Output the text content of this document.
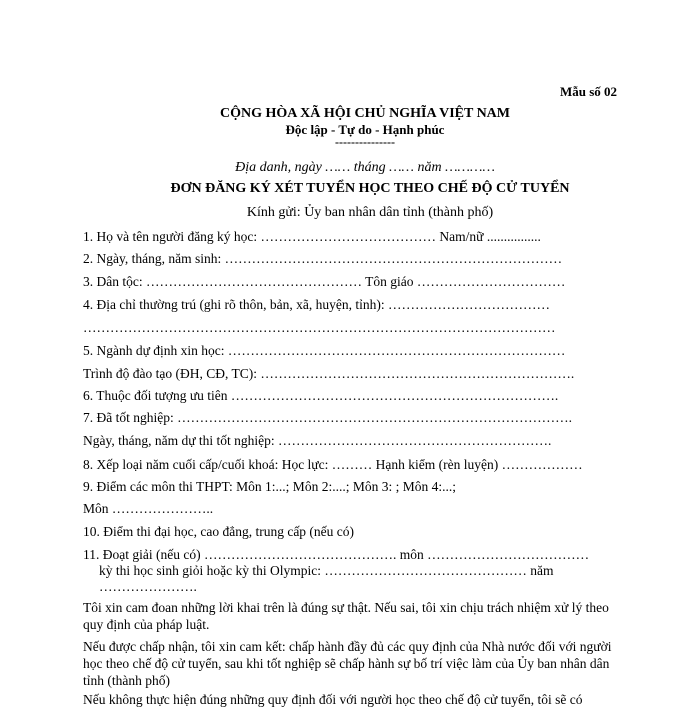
Mẫu số 02
CỘNG HÒA XÃ HỘI CHỦ NGHĨA VIỆT NAM
Độc lập - Tự do - Hạnh phúc
---------------
Địa danh, ngày …… tháng …… năm …………
ĐƠN ĐĂNG KÝ XÉT TUYỂN HỌC THEO CHẾ ĐỘ CỬ TUYỂN
Kính gửi: Ủy ban nhân dân tỉnh (thành phố)
1. Họ và tên người đăng ký học: ………………………………… Nam/nữ ................
2. Ngày, tháng, năm sinh: …………………………………………………………………
3. Dân tộc: ………………………………………… Tôn giáo ……………………………
4. Địa chỉ thường trú (ghi rõ thôn, bản, xã, huyện, tỉnh): ………………………………
……………………………………………………………………………………………
5. Ngành dự định xin học: …………………………………………………………………
Trình độ đào tạo (ĐH, CĐ, TC): …………………………………………………………….
6. Thuộc đối tượng ưu tiên ……………………………………………………………….
7. Đã tốt nghiệp: …………………………………………………………………………….
Ngày, tháng, năm dự thi tốt nghiệp: …………………………………………………….
8. Xếp loại năm cuối cấp/cuối khoá: Học lực: ……… Hạnh kiểm (rèn luyện) ………………
9. Điểm các môn thi THPT: Môn 1:...; Môn 2:....; Môn 3: ; Môn 4:...;
Môn …………………..
10. Điểm thi đại học, cao đẳng, trung cấp (nếu có)
11. Đoạt giải (nếu có) ……………………………………. môn ………………………………
kỳ thi học sinh giỏi hoặc kỳ thi Olympic: ……………………………………… năm
………………….
Tôi xin cam đoan những lời khai trên là đúng sự thật. Nếu sai, tôi xin chịu trách nhiệm xử lý theo quy định của pháp luật.
Nếu được chấp nhận, tôi xin cam kết: chấp hành đầy đủ các quy định của Nhà nước đối với người học theo chế độ cử tuyển, sau khi tốt nghiệp sẽ chấp hành sự bố trí việc làm của Ủy ban nhân dân tỉnh (thành phố)
Nếu không thực hiện đúng những quy định đối với người học theo chế độ cử tuyển, tôi sẽ có
